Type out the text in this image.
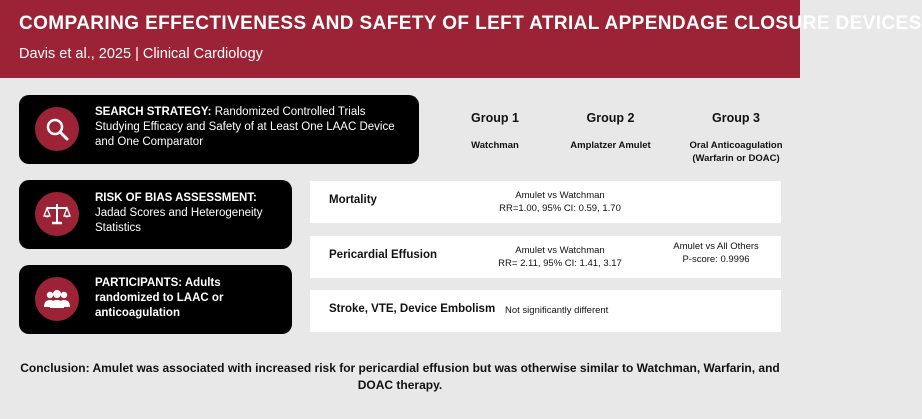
COMPARING EFFECTIVENESS AND SAFETY OF LEFT ATRIAL APPENDAGE CLOSURE DEVICES
Davis et al., 2025 | Clinical Cardiology
SEARCH STRATEGY: Randomized Controlled Trials Studying Efficacy and Safety of at Least One LAAC Device and One Comparator
RISK OF BIAS ASSESSMENT:
Jadad Scores and Heterogeneity Statistics
PARTICIPANTS: Adults randomized to LAAC or anticoagulation
Group 1
Watchman
Group 2
Amplatzer Amulet
Group 3
Oral Anticoagulation (Warfarin or DOAC)
Mortality	Amulet vs Watchman
RR=1.00, 95% CI: 0.59, 1.70
Pericardial Effusion	Amulet vs Watchman
RR= 2.11, 95% CI: 1.41, 3.17
Amulet vs All Others
P-score: 0.9996
Stroke, VTE, Device Embolism Not significantly different
Conclusion: Amulet was associated with increased risk for pericardial effusion but was otherwise similar to Watchman, Warfarin, and DOAC therapy.
